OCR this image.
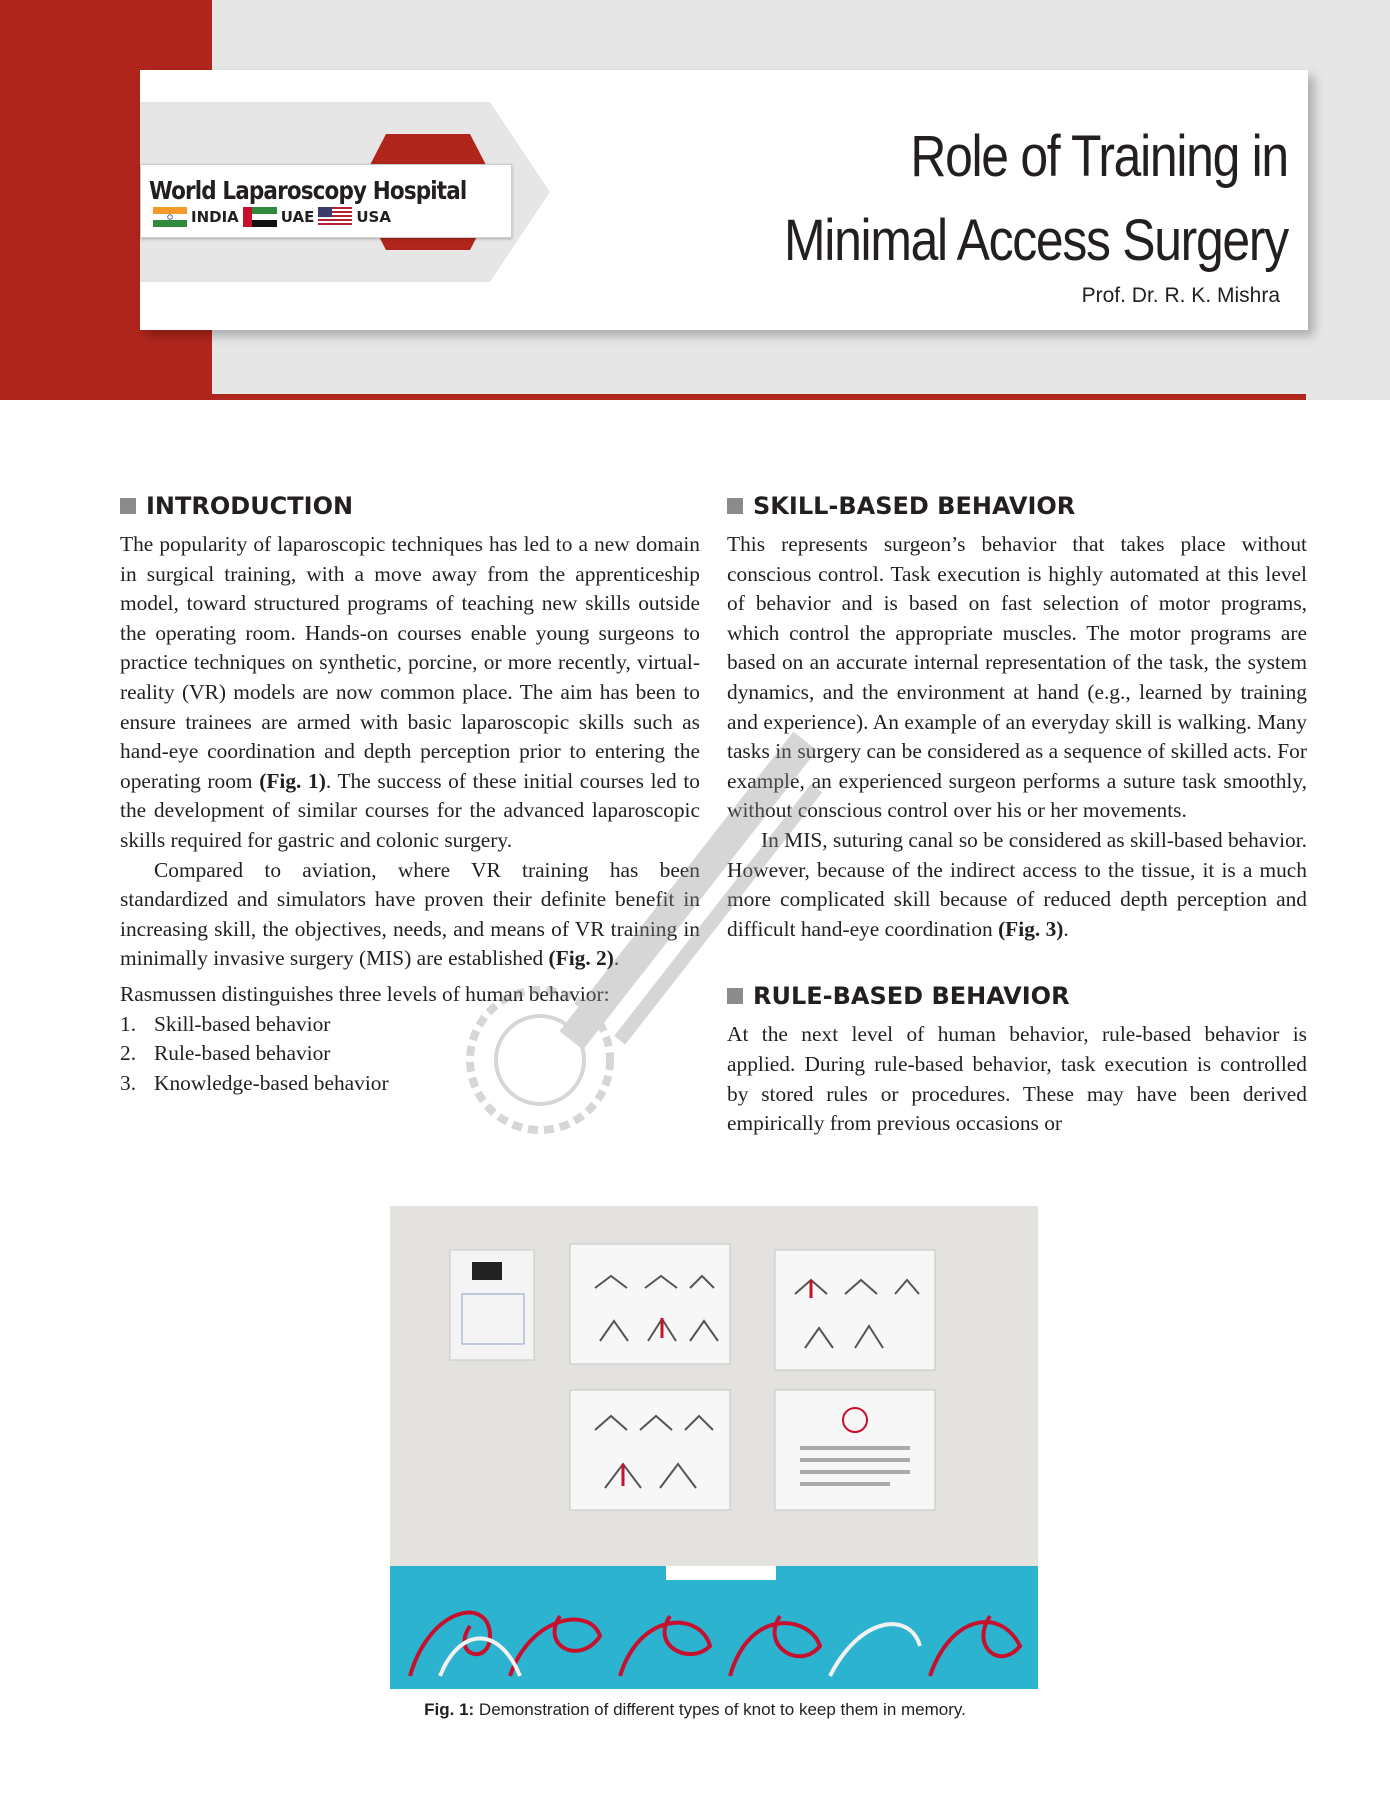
Role of Training in
Minimal Access Surgery
Prof. Dr. R. K. Mishra
World Laparoscopy Hospital
INDIA	UAE	USA
INTRODUCTION

The popularity of laparoscopic techniques has led to a new domain in surgical training, with a move away from the apprenticeship model, toward structured programs of teaching new skills outside the operating room. Hands-on courses enable young surgeons to practice techniques on synthetic, porcine, or more recently, virtual-reality (VR) models are now common place. The aim has been to ensure trainees are armed with basic laparoscopic skills such as hand-eye coordination and depth perception prior to entering the operating room (Fig. 1). The success of these initial courses led to the development of similar courses for the advanced laparoscopic skills required for gastric and colonic surgery.

Compared to aviation, where VR training has been standardized and simulators have proven their definite benefit in increasing skill, the objectives, needs, and means of VR training in minimally invasive surgery (MIS) are established (Fig. 2).

Rasmussen distinguishes three levels of human behavior:

1. Skill-based behavior
2. Rule-based behavior
3. Knowledge-based behavior
SKILL-BASED BEHAVIOR

This represents surgeon’s behavior that takes place without conscious control. Task execution is highly automated at this level of behavior and is based on fast selection of motor programs, which control the appropriate muscles. The motor programs are based on an accurate internal representation of the task, the system dynamics, and the environment at hand (e.g., learned by training and experience). An example of an everyday skill is walking. Many tasks in surgery can be considered as a sequence of skilled acts. For example, an experienced surgeon performs a suture task smoothly, without conscious control over his or her movements.

In MIS, suturing canal so be considered as skill-based behavior. However, because of the indirect access to the tissue, it is a much more complicated skill because of reduced depth perception and difficult hand-eye coordination (Fig. 3).

RULE-BASED BEHAVIOR

At the next level of human behavior, rule-based behavior is applied. During rule-based behavior, task execution is controlled by stored rules or procedures. These may have been derived empirically from previous occasions or

Fig. 1: Demonstration of different types of knot to keep them in memory.
